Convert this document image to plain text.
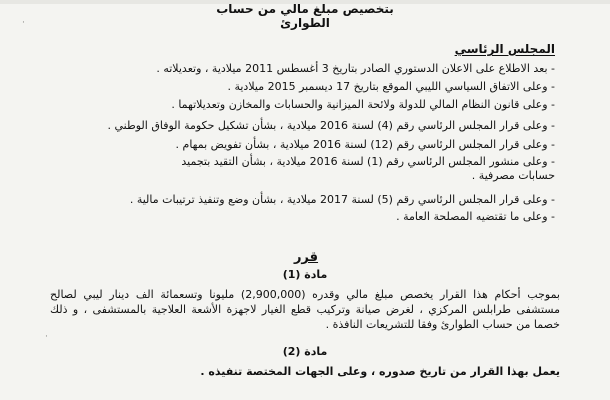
بتخصيص مبلغ مالي من حساب الطوارئ
المجلس الرئاسي
- بعد الاطلاع على الاعلان الدستوري الصادر بتاريخ 3 أغسطس 2011 ميلادية ، وتعديلاته .
- وعلى الاتفاق السياسي الليبي الموقع بتاريخ 17 ديسمبر 2015 ميلادية .
- وعلى قانون النظام المالي للدولة ولائحة الميزانية والحسابات والمخازن وتعديلاتهما .
- وعلى قرار المجلس الرئاسي رقم (4) لسنة 2016 ميلادية ، بشأن تشكيل حكومة الوفاق الوطني .
- وعلى قرار المجلس الرئاسي رقم (12) لسنة 2016 ميلادية ، بشأن تفويض بمهام .
- وعلى منشور المجلس الرئاسي رقم (1) لسنة 2016 ميلادية ، بشأن التقيد بتجميد حسابات مصرفية .
- وعلى قرار المجلس الرئاسي رقم (5) لسنة 2017 ميلادية ، بشأن وضع وتنفيذ ترتيبات مالية .
- وعلى ما تقتضيه المصلحة العامة .
قرر
مادة (1)
بموجب أحكام هذا القرار يخصص مبلغ مالي وقدره (2,900,000) مليونا وتسعمائة الف دينار ليبي لصالح مستشفى طرابلس المركزي ، لغرض صيانة وتركيب قطع الغيار لاجهزة الأشعة العلاجية بالمستشفى ، و ذلك خصما من حساب الطوارئ وفقا للتشريعات النافذة .
مادة (2)
يعمل بهذا القرار من تاريخ صدوره ، وعلى الجهات المختصة تنفيذه .
·
·
